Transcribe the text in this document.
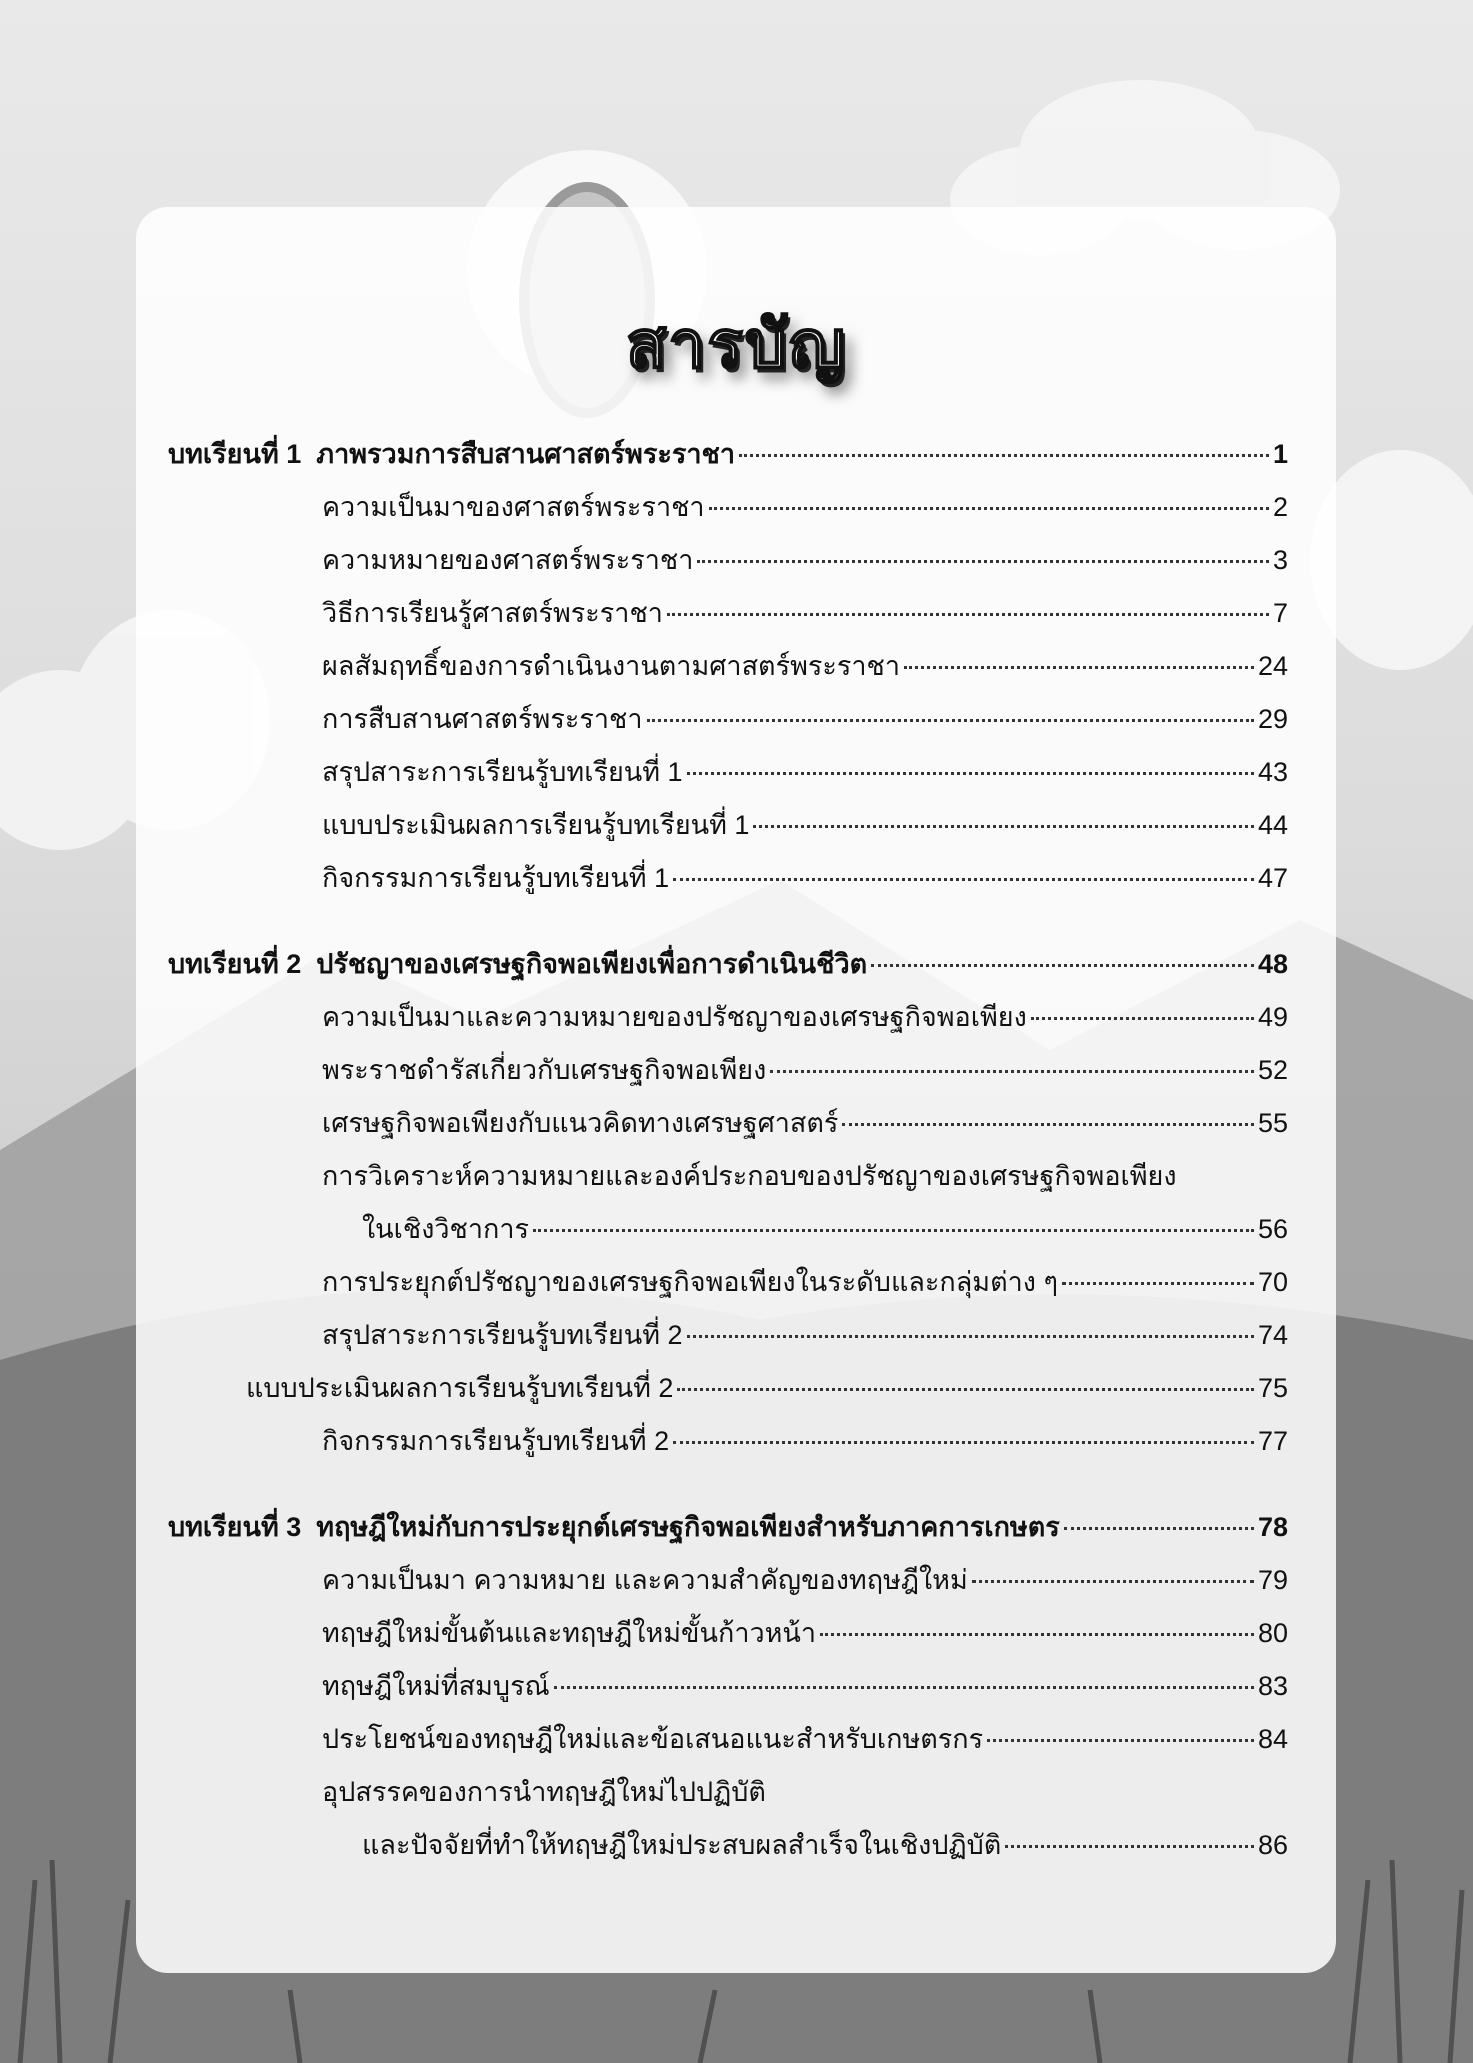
สารบัญ
บทเรียนที่ 1 ภาพรวมการสืบสานศาสตร์พระราชา	1
ความเป็นมาของศาสตร์พระราชา	2
ความหมายของศาสตร์พระราชา	3
วิธีการเรียนรู้ศาสตร์พระราชา	7
ผลสัมฤทธิ์ของการดำเนินงานตามศาสตร์พระราชา	24
การสืบสานศาสตร์พระราชา	29
สรุปสาระการเรียนรู้บทเรียนที่ 1	43
แบบประเมินผลการเรียนรู้บทเรียนที่ 1	44
กิจกรรมการเรียนรู้บทเรียนที่ 1	47
บทเรียนที่ 2 ปรัชญาของเศรษฐกิจพอเพียงเพื่อการดำเนินชีวิต	48
ความเป็นมาและความหมายของปรัชญาของเศรษฐกิจพอเพียง	49
พระราชดำรัสเกี่ยวกับเศรษฐกิจพอเพียง	52
เศรษฐกิจพอเพียงกับแนวคิดทางเศรษฐศาสตร์	55
การวิเคราะห์ความหมายและองค์ประกอบของปรัชญาของเศรษฐกิจพอเพียง
ในเชิงวิชาการ	56
การประยุกต์ปรัชญาของเศรษฐกิจพอเพียงในระดับและกลุ่มต่าง ๆ	70
สรุปสาระการเรียนรู้บทเรียนที่ 2	74
แบบประเมินผลการเรียนรู้บทเรียนที่ 2	75
กิจกรรมการเรียนรู้บทเรียนที่ 2	77
บทเรียนที่ 3 ทฤษฎีใหม่กับการประยุกต์เศรษฐกิจพอเพียงสำหรับภาคการเกษตร	78
ความเป็นมา ความหมาย และความสำคัญของทฤษฎีใหม่	79
ทฤษฎีใหม่ขั้นต้นและทฤษฎีใหม่ขั้นก้าวหน้า	80
ทฤษฎีใหม่ที่สมบูรณ์	83
ประโยชน์ของทฤษฎีใหม่และข้อเสนอแนะสำหรับเกษตรกร	84
อุปสรรคของการนำทฤษฎีใหม่ไปปฏิบัติ
และปัจจัยที่ทำให้ทฤษฎีใหม่ประสบผลสำเร็จในเชิงปฏิบัติ	86
